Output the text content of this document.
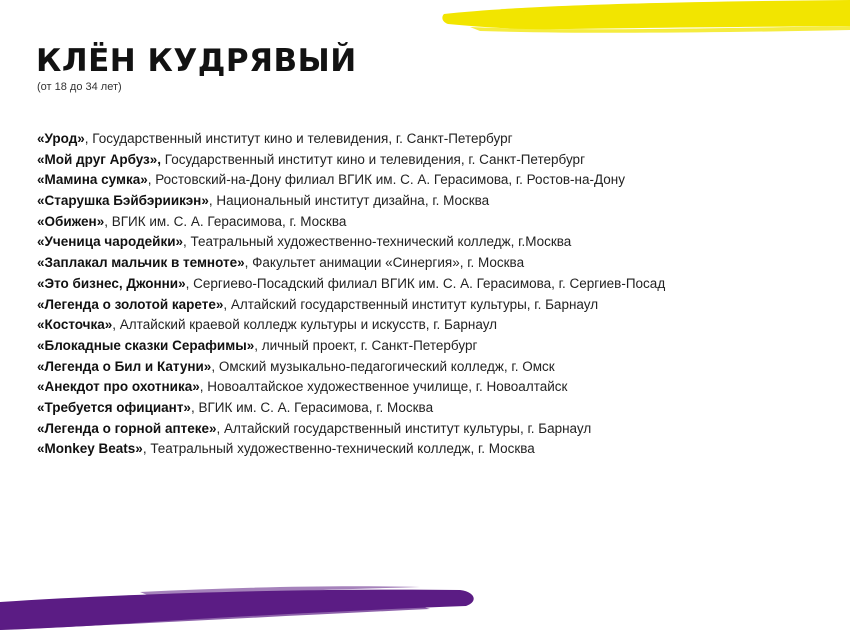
КЛЁН КУДРЯВЫЙ

(от 18 до 34 лет)

«Урод», Государственный институт кино и телевидения, г. Санкт-Петербург
«Мой друг Арбуз», Государственный институт кино и телевидения, г. Санкт-Петербург
«Мамина сумка», Ростовский-на-Дону филиал ВГИК им. С. А. Герасимова, г. Ростов-на-Дону
«Старушка Бэйбэриикэн», Национальный институт дизайна, г. Москва
«Обижен», ВГИК им. С. А. Герасимова, г. Москва
«Ученица чародейки», Театральный художественно-технический колледж, г.Москва
«Заплакал мальчик в темноте», Факультет анимации «Синергия», г. Москва
«Это бизнес, Джонни», Сергиево-Посадский филиал ВГИК им. С. А. Герасимова, г. Сергиев-Посад
«Легенда о золотой карете», Алтайский государственный институт культуры, г. Барнаул
«Косточка», Алтайский краевой колледж культуры и искусств, г. Барнаул
«Блокадные сказки Серафимы», личный проект, г. Санкт-Петербург
«Легенда о Бил и Катуни», Омский музыкально-педагогический колледж, г. Омск
«Анекдот про охотника», Новоалтайское художественное училище, г. Новоалтайск
«Требуется официант», ВГИК им. С. А. Герасимова, г. Москва
«Легенда о горной аптеке», Алтайский государственный институт культуры, г. Барнаул
«Monkey Beats», Театральный художественно-технический колледж, г. Москва
